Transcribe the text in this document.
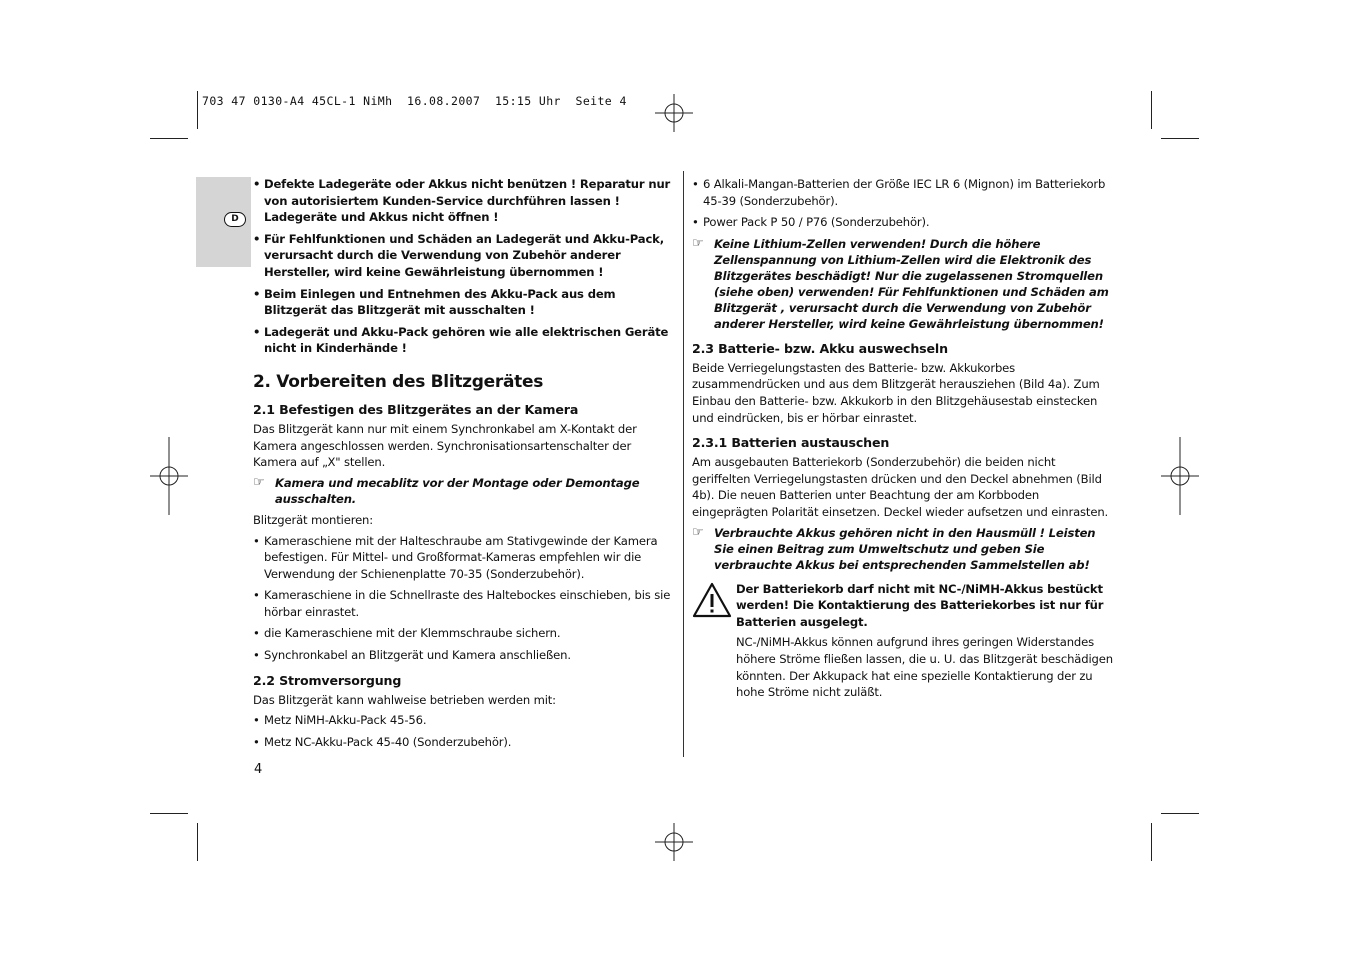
703 47 0130-A4 45CL-1 NiMh  16.08.2007  15:15 Uhr  Seite 4
D
• Defekte Ladegeräte oder Akkus nicht benützen ! Reparatur nur von autorisiertem Kunden-Service durchführen lassen ! Ladegeräte und Akkus nicht öffnen !
• Für Fehlfunktionen und Schäden an Ladegerät und Akku-Pack, verursacht durch die Verwendung von Zubehör anderer Hersteller, wird keine Gewährleistung übernommen !
• Beim Einlegen und Entnehmen des Akku-Pack aus dem Blitzgerät das Blitzgerät mit ausschalten !
• Ladegerät und Akku-Pack gehören wie alle elektrischen Geräte nicht in Kinderhände !
2. Vorbereiten des Blitzgerätes
2.1 Befestigen des Blitzgerätes an der Kamera

Das Blitzgerät kann nur mit einem Synchronkabel am X-Kontakt der Kamera angeschlossen werden. Synchronisationsartenschalter der Kamera auf „X" stellen.

☞ Kamera und mecablitz vor der Montage oder Demontage ausschalten.

Blitzgerät montieren:

• Kameraschiene mit der Halteschraube am Stativgewinde der Kamera befestigen. Für Mittel- und Großformat-Kameras empfehlen wir die Verwendung der Schienenplatte 70-35 (Sonderzubehör).
• Kameraschiene in die Schnellraste des Haltebockes einschieben, bis sie hörbar einrastet.
• die Kameraschiene mit der Klemmschraube sichern.
• Synchronkabel an Blitzgerät und Kamera anschließen.
2.2 Stromversorgung

Das Blitzgerät kann wahlweise betrieben werden mit:

• Metz NiMH-Akku-Pack 45-56.
• Metz NC-Akku-Pack 45-40 (Sonderzubehör).
• 6 Alkali-Mangan-Batterien der Größe IEC LR 6 (Mignon) im Batteriekorb 45-39 (Sonderzubehör).
• Power Pack P 50 / P76 (Sonderzubehör).
☞ Keine Lithium-Zellen verwenden! Durch die höhere Zellenspannung von Lithium-Zellen wird die Elektronik des Blitzgerätes beschädigt! Nur die zugelassenen Stromquellen (siehe oben) verwenden! Für Fehlfunktionen und Schäden am Blitzgerät , verursacht durch die Verwendung von Zubehör anderer Hersteller, wird keine Gewährleistung übernommen!
2.3 Batterie- bzw. Akku auswechseln

Beide Verriegelungstasten des Batterie- bzw. Akkukorbes zusammendrücken und aus dem Blitzgerät herausziehen (Bild 4a). Zum Einbau den Batterie- bzw. Akkukorb in den Blitzgehäusestab einstecken und eindrücken, bis er hörbar einrastet.

2.3.1 Batterien austauschen

Am ausgebauten Batteriekorb (Sonderzubehör) die beiden nicht geriffelten Verriegelungstasten drücken und den Deckel abnehmen (Bild 4b). Die neuen Batterien unter Beachtung der am Korbboden eingeprägten Polarität einsetzen. Deckel wieder aufsetzen und einrasten.

☞ Verbrauchte Akkus gehören nicht in den Hausmüll ! Leisten Sie einen Beitrag zum Umweltschutz und geben Sie verbrauchte Akkus bei entsprechenden Sammelstellen ab!

Der Batteriekorb darf nicht mit NC-/NiMH-Akkus bestückt werden! Die Kontaktierung des Batteriekorbes ist nur für Batterien ausgelegt.

NC-/NiMH-Akkus können aufgrund ihres geringen Widerstandes höhere Ströme fließen lassen, die u. U. das Blitzgerät beschädigen könnten. Der Akkupack hat eine spezielle Kontaktierung der zu hohe Ströme nicht zuläßt.

4
